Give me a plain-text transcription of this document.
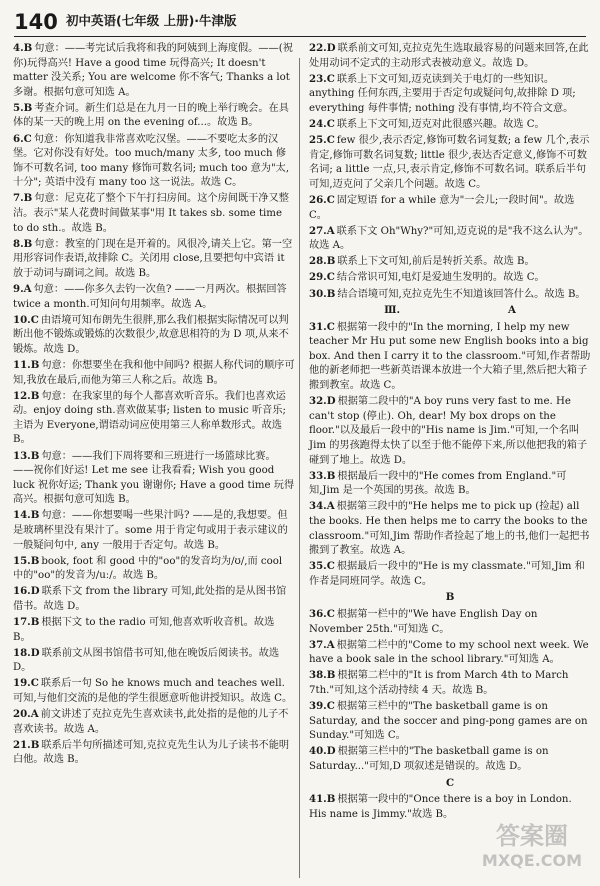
140 初中英语(七年级 上册)·牛津版
4.B 句意：——考完试后我将和我的阿姨到上海度假。——(祝你)玩得高兴! Have a good time 玩得高兴; It doesn't matter 没关系; You are welcome 你不客气; Thanks a lot 多谢。根据句意可知选 A。
5.B 考查介词。新生们总是在九月一日的晚上举行晚会。在具体的某一天的晚上用 on the evening of...。故选 B。
6.C 句意：你知道我非常喜欢吃汉堡。——不要吃太多的汉堡。它对你没有好处。too much/many 太多, too much 修饰不可数名词, too many 修饰可数名词; much too 意为"太,十分"; 英语中没有 many too 这一说法。故选 C。
7.B 句意：尼克花了整个下午打扫房间。这个房间既干净又整洁。表示"某人花费时间做某事"用 It takes sb. some time to do sth.。故选 B。
8.B 句意：教室的门现在是开着的。风很冷,请关上它。第一空用形容词作表语,故排除 C。关闭用 close,且要把句中宾语 it 放于动词与副词之间。故选 B。
9.A 句意：——你多久去钓一次鱼? ——一月两次。根据回答 twice a month.可知问句用频率。故选 A。
10.C 由语境可知布朗先生很胖,那么我们根据实际情况可以判断出他不锻炼或锻炼的次数很少,故意思相符的为 D 项,从来不锻炼。故选 D。
11.B 句意：你想要坐在我和他中间吗? 根据人称代词的顺序可知,我放在最后,而他为第三人称之后。故选 B。
12.B 句意：在我家里的每个人都喜欢听音乐。我们也喜欢运动。enjoy doing sth.喜欢做某事; listen to music 听音乐; 主语为 Everyone,谓语动词应使用第三人称单数形式。故选 B。
13.B 句意：——我们下周将要和三班进行一场篮球比赛。——祝你们好运! Let me see 让我看看; Wish you good luck 祝你好运; Thank you 谢谢你; Have a good time 玩得高兴。根据句意可知选 B。
14.B 句意：——你想要喝一些果汁吗? ——是的,我想要。但是玻璃杯里没有果汁了。some 用于肯定句或用于表示建议的一般疑问句中, any 一般用于否定句。故选 B。
15.B book, foot 和 good 中的"oo"的发音均为/ʊ/,而 cool 中的"oo"的发音为/uː/。故选 B。
16.D 联系下文 from the library 可知,此处指的是从图书馆借书。故选 D。
17.B 根据下文 to the radio 可知,他喜欢听收音机。故选 B。
18.D 联系前文从图书馆借书可知,他在晚饭后阅读书。故选 D。
19.C 联系后一句 So he knows much and teaches well.可知,与他们交流的是他的学生很愿意听他讲授知识。故选 C。
20.A 前文讲述了克拉克先生喜欢读书,此处指的是他的儿子不喜欢读书。故选 A。
21.B 联系后半句所描述可知,克拉克先生认为儿子读书不能明白他。故选 B。
22.D 联系前文可知,克拉克先生选取最容易的问题来回答,在此处用动词不定式的主动形式表被动意义。故选 D。
23.C 联系上下文可知,迈克读到关于电灯的一些知识。anything 任何东西,主要用于否定句或疑问句,故排除 D 项; everything 每件事情; nothing 没有事情,均不符合文意。
24.C 联系上下文可知,迈克对此很感兴趣。故选 C。
25.C few 很少,表示否定,修饰可数名词复数; a few 几个,表示肯定,修饰可数名词复数; little 很少,表达否定意义,修饰不可数名词; a little 一点,只,表示肯定,修饰不可数名词。联系后半句可知,迈克问了父亲几个问题。故选 C。
26.C 固定短语 for a while 意为"一会儿;一段时间"。故选 C。
27.A 联系下文 Oh"Why?"可知,迈克说的是"我不这么认为"。故选 A。
28.B 联系上下文可知,前后是转折关系。故选 B。
29.C 结合常识可知,电灯是爱迪生发明的。故选 C。
30.B 结合语境可知,克拉克先生不知道该回答什么。故选 B。
Ⅲ.	A
31.C 根据第一段中的"In the morning, I help my new teacher Mr Hu put some new English books into a big box. And then I carry it to the classroom."可知,作者帮助他的新老师把一些新英语课本放进一个大箱子里,然后把大箱子搬到教室。故选 C。
32.D 根据第二段中的"A boy runs very fast to me. He can't stop (停止). Oh, dear! My box drops on the floor."以及最后一段中的"His name is Jim."可知,一个名叫 Jim 的男孩跑得太快了以至于他不能停下来,所以他把我的箱子碰到了地上。故选 D。
33.B 根据最后一段中的"He comes from England."可知,Jim 是一个英国的男孩。故选 B。
34.A 根据第三段中的"He helps me to pick up (捡起) all the books. He then helps me to carry the books to the classroom."可知,Jim 帮助作者捡起了地上的书,他们一起把书搬到了教室。故选 A。
35.C 根据最后一段中的"He is my classmate."可知,Jim 和作者是同班同学。故选 C。
B
36.C 根据第一栏中的"We have English Day on November 25th."可知选 C。
37.A 根据第二栏中的"Come to my school next week. We have a book sale in the school library."可知选 A。
38.B 根据第二栏中的"It is from March 4th to March 7th."可知,这个活动持续 4 天。故选 B。
39.C 根据第三栏中的"The basketball game is on Saturday, and the soccer and ping-pong games are on Sunday."可知选 C。
40.D 根据第三栏中的"The basketball game is on Saturday..."可知,D 项叙述是错误的。故选 D。
C
41.B 根据第一段中的"Once there is a boy in London. His name is Jimmy."故选 B。
答案圈
MXQE.COM
